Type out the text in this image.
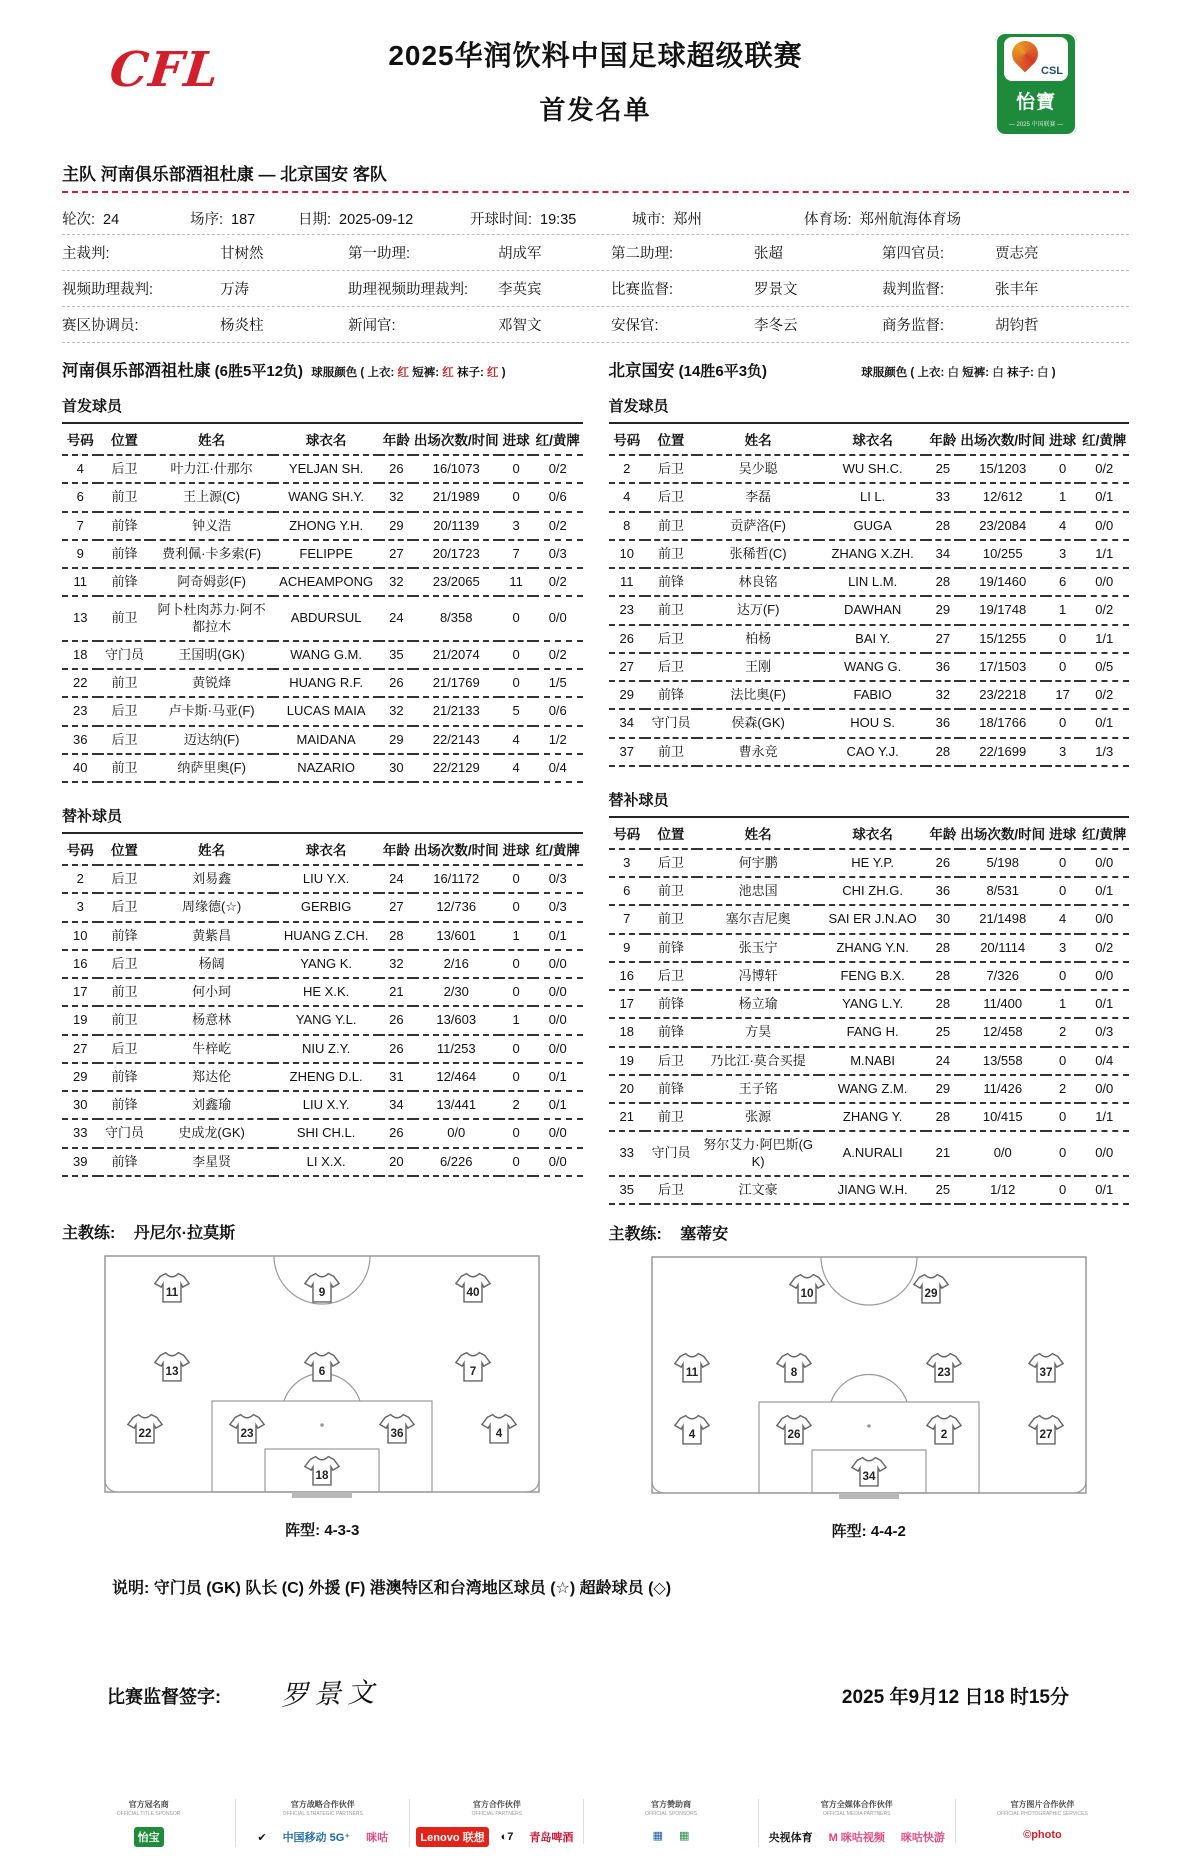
CFL	2025华润饮料中国足球超级联赛
首发名单
CSL
怡寶
— 2025 中国联赛 —
主队 河南俱乐部酒祖杜康 — 北京国安 客队
轮次: 24	场序: 187	日期: 2025-09-12	开球时间: 19:35	城市: 郑州	体育场: 郑州航海体育场
主裁判:	甘树然	第一助理:	胡成军	第二助理:	张超	第四官员:	贾志亮
视频助理裁判:	万涛	助理视频助理裁判:	李英宾	比赛监督:	罗景文	裁判监督:	张丰年
赛区协调员:	杨炎柱	新闻官:	邓智文	安保官:	李冬云	商务监督:	胡钧哲
河南俱乐部酒祖杜康 (6胜5平12负) 球服颜色 ( 上衣: 红 短裤: 红 袜子: 红 )
首发球员
号码	位置	姓名	球衣名	年龄	出场次数/时间	进球	红/黄牌
4	后卫	叶力江·什那尔	YELJAN SH.	26	16/1073	0	0/2
6	前卫	王上源(C)	WANG SH.Y.	32	21/1989	0	0/6
7	前锋	钟义浩	ZHONG Y.H.	29	20/1139	3	0/2
9	前锋	费利佩·卡多索(F)	FELIPPE	27	20/1723	7	0/3
11	前锋	阿奇姆彭(F)	ACHEAMPONG	32	23/2065	11	0/2
13	前卫	阿卜杜肉苏力·阿不都拉木	ABDURSUL	24	8/358	0	0/0
18	守门员	王国明(GK)	WANG G.M.	35	21/2074	0	0/2
22	前卫	黄锐烽	HUANG R.F.	26	21/1769	0	1/5
23	后卫	卢卡斯·马亚(F)	LUCAS MAIA	32	21/2133	5	0/6
36	后卫	迈达纳(F)	MAIDANA	29	22/2143	4	1/2
40	前卫	纳萨里奥(F)	NAZARIO	30	22/2129	4	0/4
替补球员
号码	位置	姓名	球衣名	年龄	出场次数/时间	进球	红/黄牌
2	后卫	刘易鑫	LIU Y.X.	24	16/1172	0	0/3
3	后卫	周缘德(☆)	GERBIG	27	12/736	0	0/3
10	前锋	黄紫昌	HUANG Z.CH.	28	13/601	1	0/1
16	后卫	杨阔	YANG K.	32	2/16	0	0/0
17	前卫	何小珂	HE X.K.	21	2/30	0	0/0
19	前卫	杨意林	YANG Y.L.	26	13/603	1	0/0
27	后卫	牛梓屹	NIU Z.Y.	26	11/253	0	0/0
29	前锋	郑达伦	ZHENG D.L.	31	12/464	0	0/1
30	前锋	刘鑫瑜	LIU X.Y.	34	13/441	2	0/1
33	守门员	史成龙(GK)	SHI CH.L.	26	0/0	0	0/0
39	前锋	李星贤	LI X.X.	20	6/226	0	0/0
主教练: 丹尼尔·拉莫斯
11	9	40
13	6	7
22	23	36	4
18
阵型: 4-3-3
北京国安 (14胜6平3负)	球服颜色 ( 上衣: 白 短裤: 白 袜子: 白 )
首发球员
号码	位置	姓名	球衣名	年龄	出场次数/时间	进球	红/黄牌
2	后卫	吴少聪	WU SH.C.	25	15/1203	0	0/2
4	后卫	李磊	LI L.	33	12/612	1	0/1
8	前卫	贡萨洛(F)	GUGA	28	23/2084	4	0/0
10	前卫	张稀哲(C)	ZHANG X.ZH.	34	10/255	3	1/1
11	前锋	林良铭	LIN L.M.	28	19/1460	6	0/0
23	前卫	达万(F)	DAWHAN	29	19/1748	1	0/2
26	后卫	柏杨	BAI Y.	27	15/1255	0	1/1
27	后卫	王刚	WANG G.	36	17/1503	0	0/5
29	前锋	法比奥(F)	FABIO	32	23/2218	17	0/2
34	守门员	侯森(GK)	HOU S.	36	18/1766	0	0/1
37	前卫	曹永竞	CAO Y.J.	28	22/1699	3	1/3
替补球员
号码	位置	姓名	球衣名	年龄	出场次数/时间	进球	红/黄牌
3	后卫	何宇鹏	HE Y.P.	26	5/198	0	0/0
6	前卫	池忠国	CHI ZH.G.	36	8/531	0	0/1
7	前卫	塞尔吉尼奥	SAI ER J.N.AO	30	21/1498	4	0/0
9	前锋	张玉宁	ZHANG Y.N.	28	20/1114	3	0/2
16	后卫	冯博轩	FENG B.X.	28	7/326	0	0/0
17	前锋	杨立瑜	YANG L.Y.	28	11/400	1	0/1
18	前锋	方昊	FANG H.	25	12/458	2	0/3
19	后卫	乃比江·莫合买提	M.NABI	24	13/558	0	0/4
20	前锋	王子铭	WANG Z.M.	29	11/426	2	0/0
21	前卫	张源	ZHANG Y.	28	10/415	0	1/1
33	守门员	努尔艾力·阿巴斯(GK)	A.NURALI	21	0/0	0	0/0
35	后卫	江文豪	JIANG W.H.	25	1/12	0	0/1
主教练: 塞蒂安
10	29
11	8	23	37
4	26	2	27
34
阵型: 4-4-2
说明: 守门员 (GK) 队长 (C) 外援 (F) 港澳特区和台湾地区球员 (☆) 超龄球员 (◇)
比赛监督签字: 罗景文	2025 年9月12 日18 时15分
官方冠名商
OFFICIAL TITLE SPONSOR
怡宝
官方战略合作伙伴
OFFICIAL STRATEGIC PARTNERS
✔	中国移动 5G⁺	咪咕
官方合作伙伴
OFFICIAL PARTNERS
Lenovo 联想	◐7	青岛啤酒
官方赞助商
OFFICIAL SPONSORS
▦	▦
官方全媒体合作伙伴
OFFICIAL MEDIA PARTNERS
央视体育	M 咪咕视频	咪咕快游
官方图片合作伙伴
OFFICIAL PHOTOGRAPHIC SERVICES
©photo
